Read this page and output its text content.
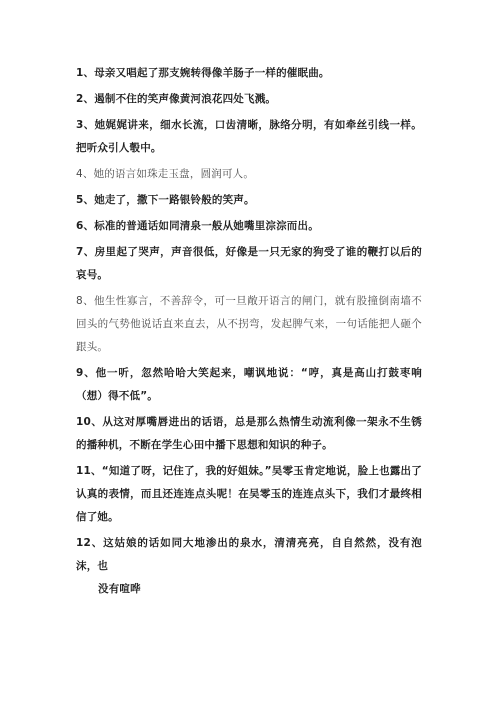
1、母亲又唱起了那支婉转得像羊肠子一样的催眠曲。

2、遏制不住的笑声像黄河浪花四处飞溅。

3、她娓娓讲来，细水长流，口齿清晰，脉络分明，有如牵丝引线一样。把听众引人彀中。

4、她的语言如珠走玉盘，圆润可人。

5、她走了，撒下一路银铃般的笑声。

6、标准的普通话如同清泉一般从她嘴里淙淙而出。

7、房里起了哭声，声音很低，好像是一只无家的狗受了谁的鞭打以后的哀号。

8、他生性寡言，不善辞令，可一旦敞开语言的闸门，就有股撞倒南墙不回头的气势他说话直来直去，从不拐弯，发起脾气来，一句话能把人砸个跟头。

9、他一听，忽然哈哈大笑起来，嘲讽地说：“哼，真是高山打鼓枣响（想）得不低”。

10、从这对厚嘴唇进出的话语，总是那么热情生动流利像一架永不生锈的播种机，不断在学生心田中播下思想和知识的种子。

11、“知道了呀，记住了，我的好姐妹。”吴零玉肯定地说，脸上也露出了认真的表情，而且还连连点头呢！在吴零玉的连连点头下，我们才最终相信了她。

12、这姑娘的话如同大地渗出的泉水，清清亮亮，自自然然，没有泡沫，也
没有喧哗
